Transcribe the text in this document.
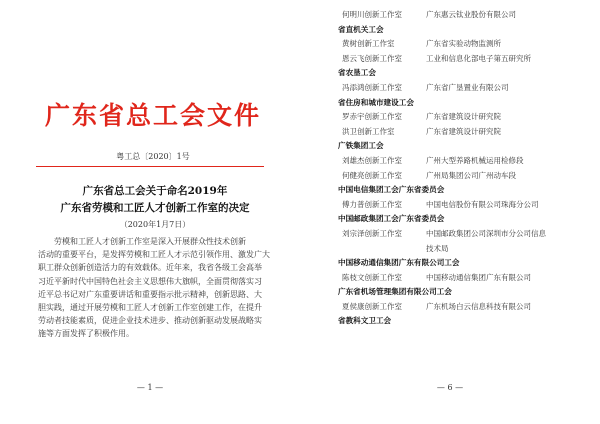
广东省总工会文件
粤工总〔2020〕1号
广东省总工会关于命名2019年
广东省劳模和工匠人才创新工作室的决定
（2020年1月7日）
劳模和工匠人才创新工作室是深入开展群众性技术创新
活动的重要平台，是发挥劳模和工匠人才示范引领作用、激发广大
职工群众创新创造活力的有效载体。近年来，我省各级工会高举
习近平新时代中国特色社会主义思想伟大旗帜，全面贯彻落实习
近平总书记对广东重要讲话和重要指示批示精神，创新思路、大
胆实践，通过开展劳模和工匠人才创新工作室创建工作，在提升
劳动者技能素质，促进企业技术进步、推动创新驱动发展战略实
施等方面发挥了积极作用。
— 1 —
何明川创新工作室	广东惠云钛业股份有限公司
省直机关工会
黄树创新工作室	广东省实验动物监测所
恩云飞创新工作室	工业和信息化部电子第五研究所
省农垦工会
冯添鸿创新工作室	广东省广垦置业有限公司
省住房和城市建设工会
罗赤宇创新工作室	广东省建筑设计研究院
洪卫创新工作室	广东省建筑设计研究院
广铁集团工会
刘雄杰创新工作室	广州大型养路机械运用检修段
何健亮创新工作室	广州局集团公司广州动车段
中国电信集团工会广东省委员会
傅力普创新工作室	中国电信股份有限公司珠海分公司
中国邮政集团工会广东省委员会
刘宗泽创新工作室	中国邮政集团公司深圳市分公司信息
技术局
中国移动通信集团广东有限公司工会
陈枝文创新工作室	中国移动通信集团广东有限公司
广东省机场管理集团有限公司工会
夏侯康创新工作室	广东机场白云信息科技有限公司
省教科文卫工会
— 6 —
